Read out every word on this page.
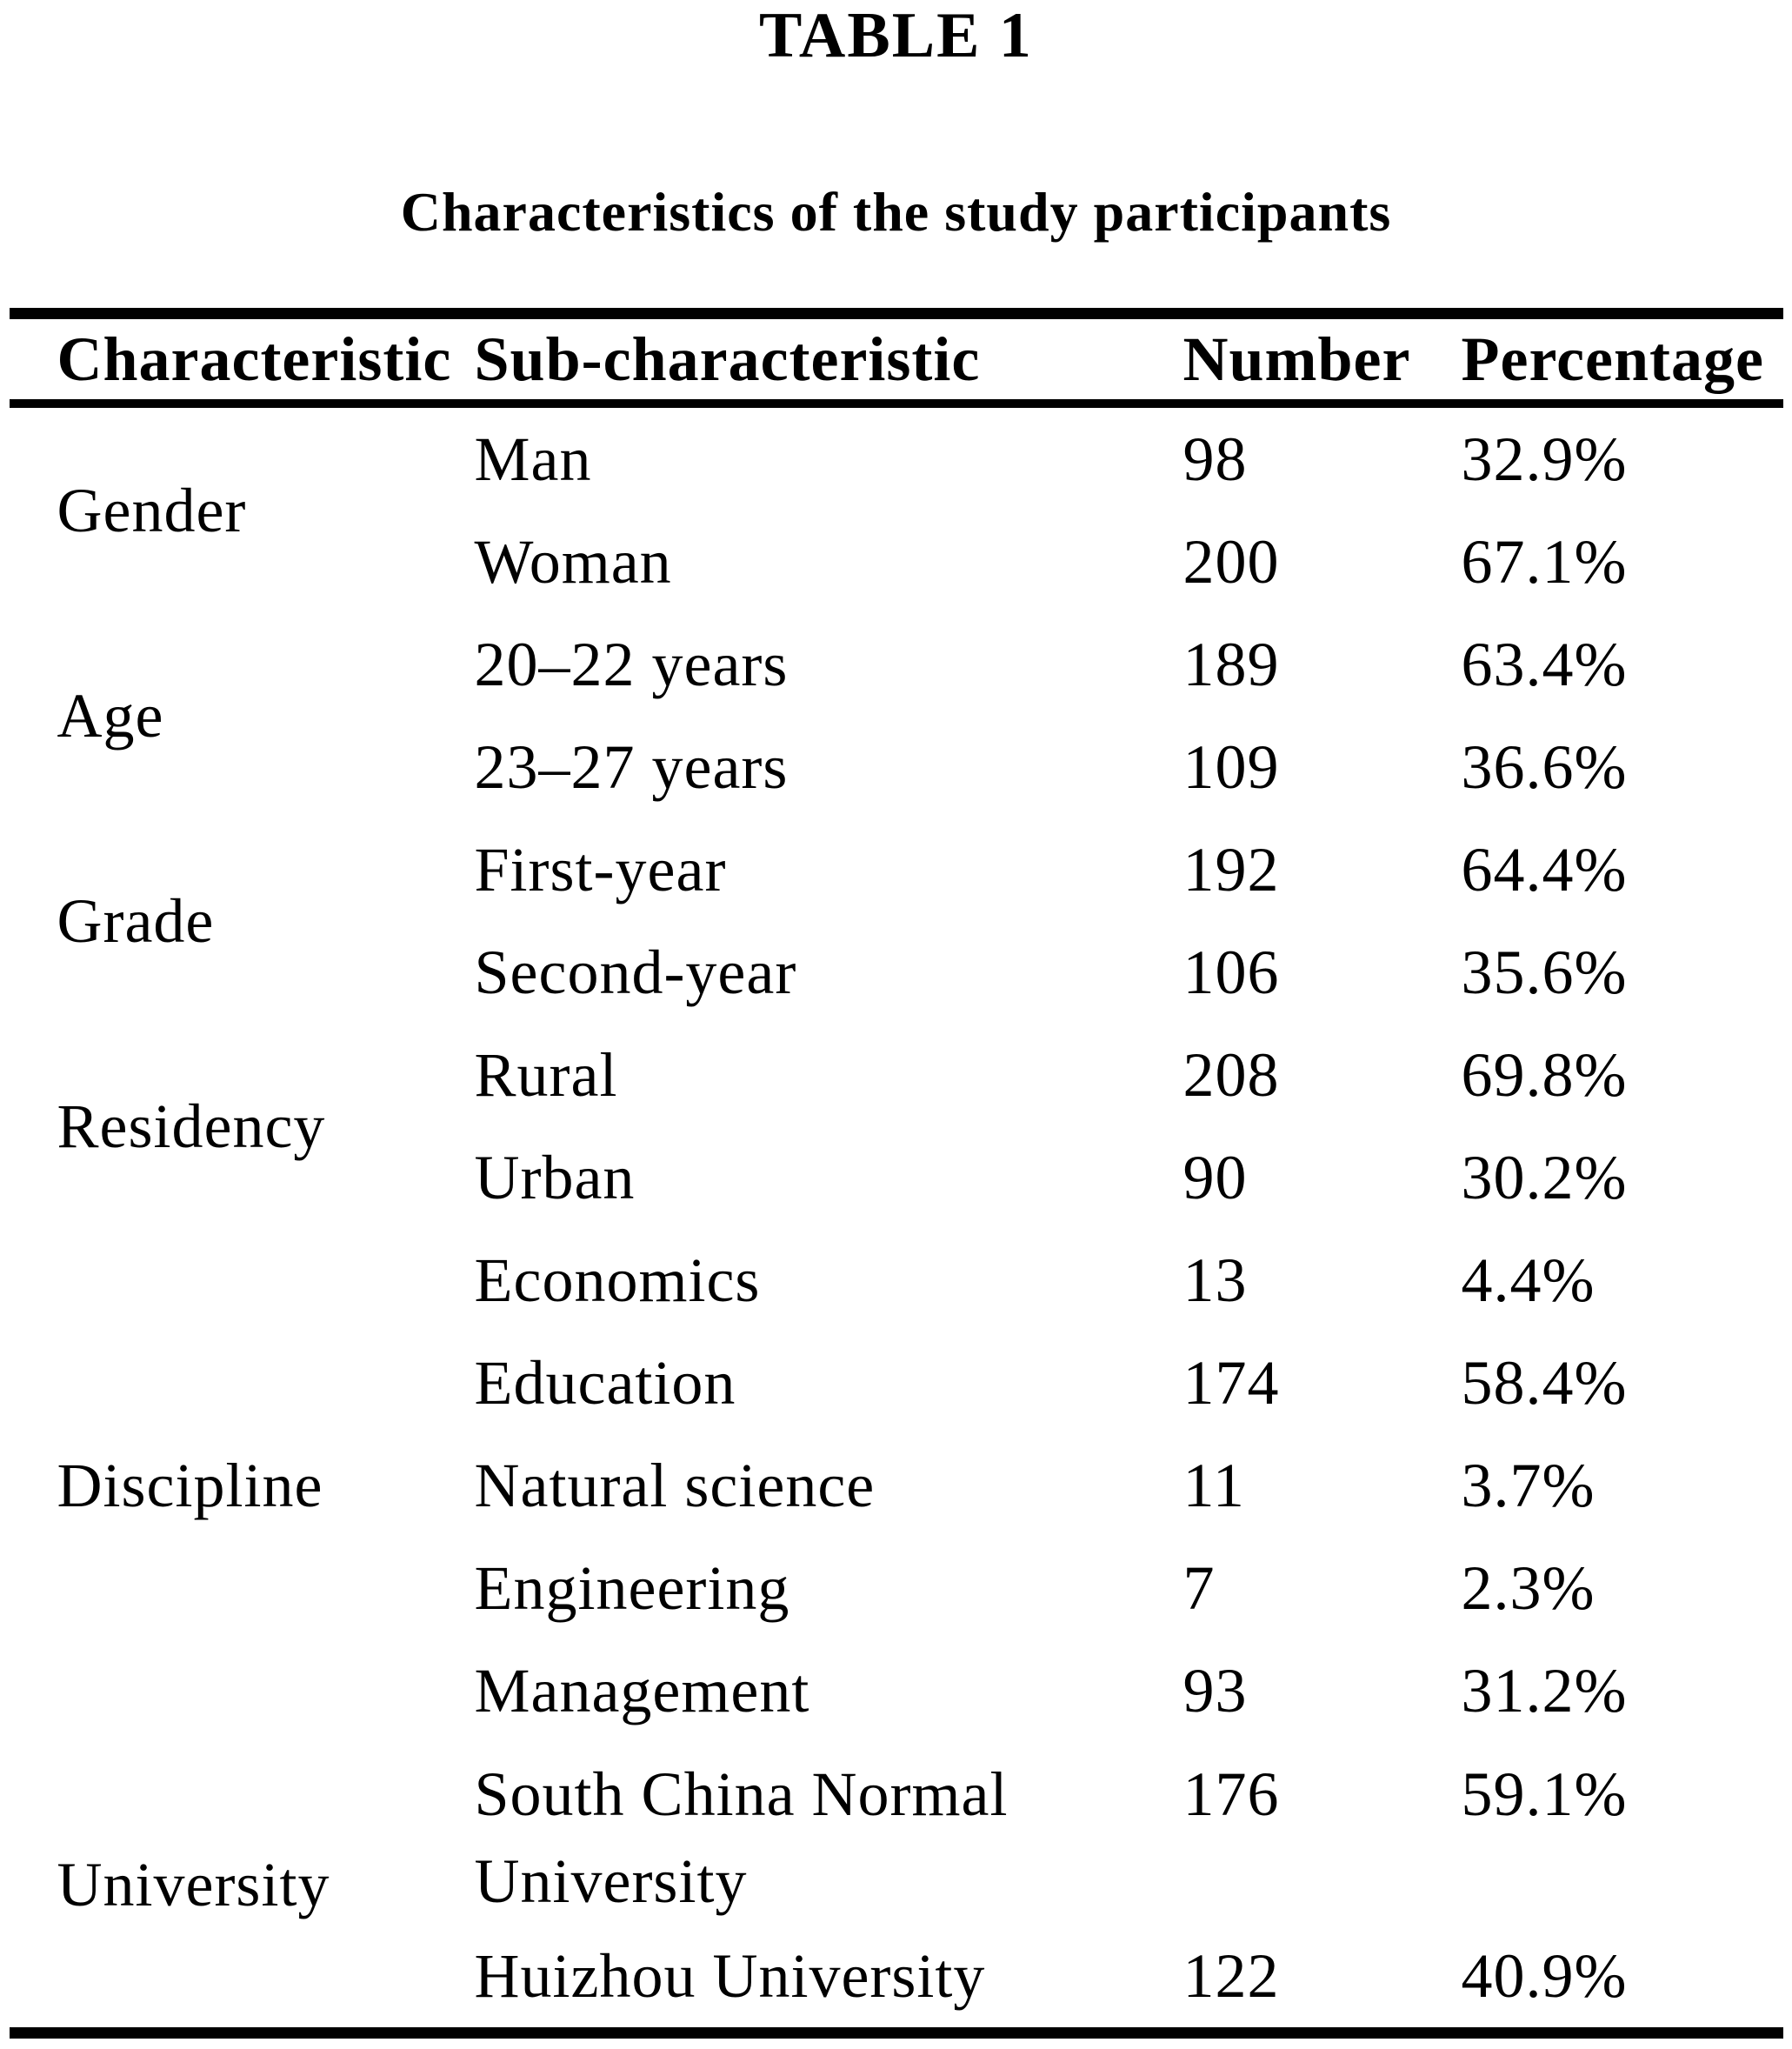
TABLE 1
Characteristics of the study participants
Characteristic	Sub-characteristic	Number	Percentage
Gender	Man	98	32.9%
	Woman	200	67.1%
Age	20–22 years	189	63.4%
	23–27 years	109	36.6%
Grade	First-year	192	64.4%
	Second-year	106	35.6%
Residency	Rural	208	69.8%
	Urban	90	30.2%
Discipline	Economics	13	4.4%
	Education	174	58.4%
	Natural science	11	3.7%
	Engineering	7	2.3%
	Management	93	31.2%
University	South China Normal University	176	59.1%
	Huizhou University	122	40.9%
